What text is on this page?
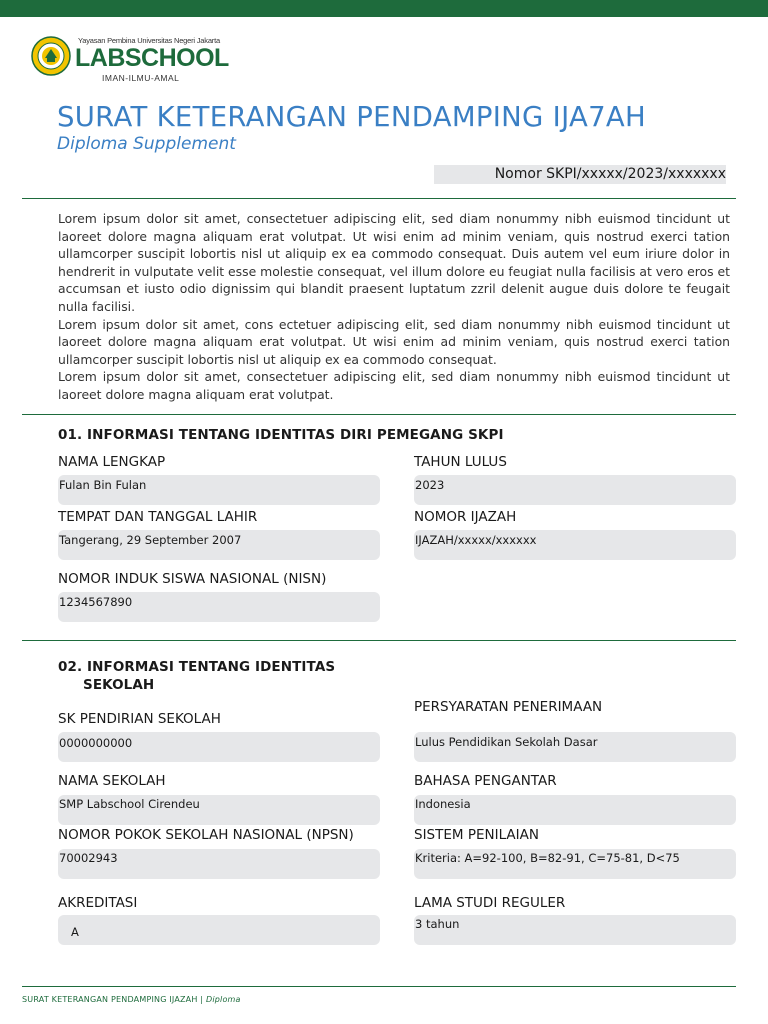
Yayasan Pembina Universitas Negeri Jakarta
LABSCHOOL
IMAN-ILMU-AMAL
SURAT KETERANGAN PENDAMPING IJA7AH
Diploma Supplement
Nomor SKPI/xxxxx/2023/xxxxxxx

Lorem ipsum dolor sit amet, consectetuer adipiscing elit, sed diam nonummy nibh euismod tincidunt ut laoreet dolore magna aliquam erat volutpat. Ut wisi enim ad minim veniam, quis nostrud exerci tation ullamcorper suscipit lobortis nisl ut aliquip ex ea commodo consequat. Duis autem vel eum iriure dolor in hendrerit in vulputate velit esse molestie consequat, vel illum dolore eu feugiat nulla facilisis at vero eros et accumsan et iusto odio dignissim qui blandit praesent luptatum zzril delenit augue duis dolore te feugait nulla facilisi.

Lorem ipsum dolor sit amet, cons ectetuer adipiscing elit, sed diam nonummy nibh euismod tincidunt ut laoreet dolore magna aliquam erat volutpat. Ut wisi enim ad minim veniam, quis nostrud exerci tation ullamcorper suscipit lobortis nisl ut aliquip ex ea commodo consequat.

Lorem ipsum dolor sit amet, consectetuer adipiscing elit, sed diam nonummy nibh euismod tincidunt ut laoreet dolore magna aliquam erat volutpat.

01. INFORMASI TENTANG IDENTITAS DIRI PEMEGANG SKPI
NAMA LENGKAP
Fulan Bin Fulan
TAHUN LULUS
2023
TEMPAT DAN TANGGAL LAHIR
Tangerang, 29 September 2007
NOMOR IJAZAH
IJAZAH/xxxxx/xxxxxx
NOMOR INDUK SISWA NASIONAL (NISN)
1234567890
02. INFORMASI TENTANG IDENTITAS
SEKOLAH
SK PENDIRIAN SEKOLAH
0000000000
PERSYARATAN PENERIMAAN
Lulus Pendidikan Sekolah Dasar
NAMA SEKOLAH
SMP Labschool Cirendeu
BAHASA PENGANTAR
Indonesia
NOMOR POKOK SEKOLAH NASIONAL (NPSN)
70002943
SISTEM PENILAIAN
Kriteria: A=92-100, B=82-91, C=75-81, D<75
AKREDITASI
A
LAMA STUDI REGULER
3 tahun
SURAT KETERANGAN PENDAMPING IJAZAH | Diploma
